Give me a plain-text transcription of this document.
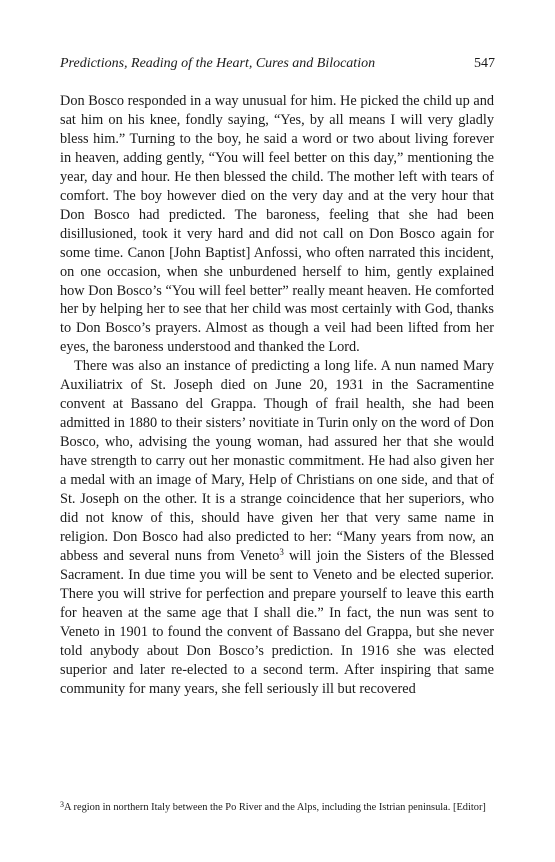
Predictions, Reading of the Heart, Cures and Bilocation	547

Don Bosco responded in a way unusual for him. He picked the child up and sat him on his knee, fondly saying, “Yes, by all means I will very gladly bless him.” Turning to the boy, he said a word or two about living forever in heaven, adding gently, “You will feel better on this day,” mentioning the year, day and hour. He then blessed the child. The mother left with tears of comfort. The boy however died on the very day and at the very hour that Don Bosco had predicted. The baroness, feeling that she had been disillusioned, took it very hard and did not call on Don Bosco again for some time. Canon [John Baptist] Anfossi, who often narrated this incident, on one occasion, when she unburdened herself to him, gently explained how Don Bosco’s “You will feel better” really meant heaven. He comforted her by helping her to see that her child was most certainly with God, thanks to Don Bosco’s prayers. Almost as though a veil had been lifted from her eyes, the baroness understood and thanked the Lord.

There was also an instance of predicting a long life. A nun named Mary Auxiliatrix of St. Joseph died on June 20, 1931 in the Sacramentine convent at Bassano del Grappa. Though of frail health, she had been admitted in 1880 to their sisters’ novitiate in Turin only on the word of Don Bosco, who, advising the young woman, had assured her that she would have strength to carry out her monastic commitment. He had also given her a medal with an image of Mary, Help of Christians on one side, and that of St. Joseph on the other. It is a strange coincidence that her superiors, who did not know of this, should have given her that very same name in religion. Don Bosco had also predicted to her: “Many years from now, an abbess and several nuns from Veneto$^3$ will join the Sisters of the Blessed Sacrament. In due time you will be sent to Veneto and be elected superior. There you will strive for perfection and prepare yourself to leave this earth for heaven at the same age that I shall die.” In fact, the nun was sent to Veneto in 1901 to found the convent of Bassano del Grappa, but she never told anybody about Don Bosco’s prediction. In 1916 she was elected superior and later re-elected to a second term. After inspiring that same community for many years, she fell seriously ill but recovered

$^3$A region in northern Italy between the Po River and the Alps, including the Istrian peninsula. [Editor]
